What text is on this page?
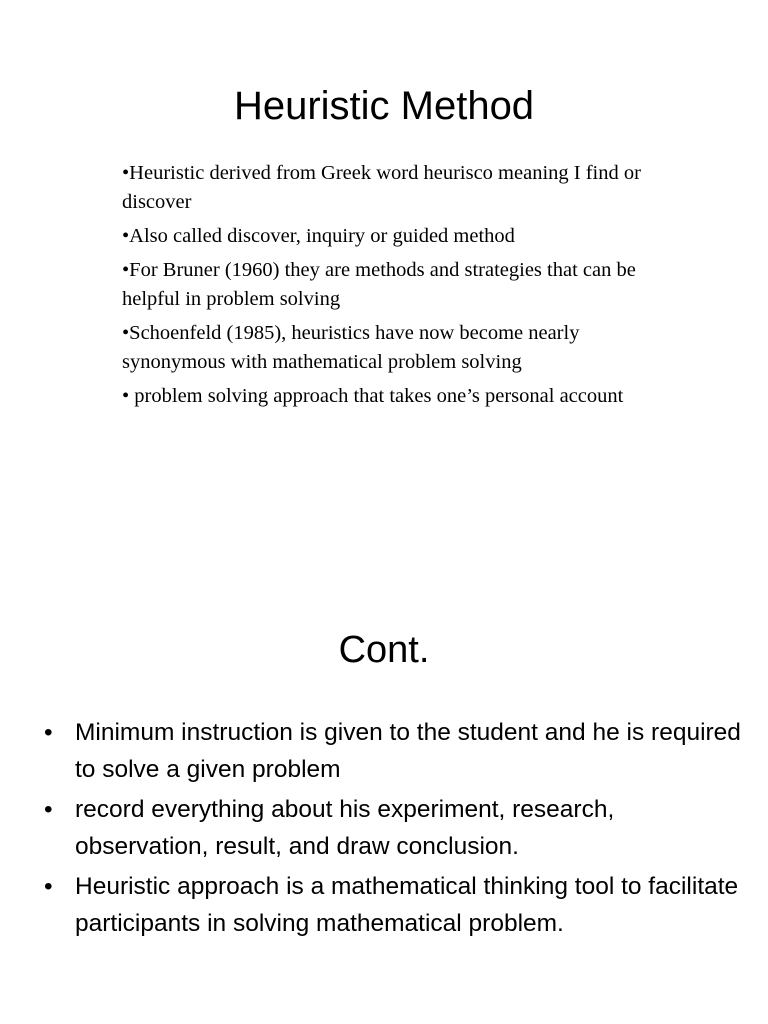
Heuristic Method
•Heuristic derived from Greek word heurisco meaning I find or discover
•Also called discover, inquiry or guided method
•For Bruner (1960) they are methods and strategies that can be helpful in problem solving
•Schoenfeld (1985), heuristics have now become nearly synonymous with mathematical problem solving
• problem solving approach that takes one’s personal account
Cont.
• Minimum instruction is given to the student and he is required to solve a given problem
• record everything about his experiment, research, observation, result, and draw conclusion.
• Heuristic approach is a mathematical thinking tool to facilitate participants in solving mathematical problem.
